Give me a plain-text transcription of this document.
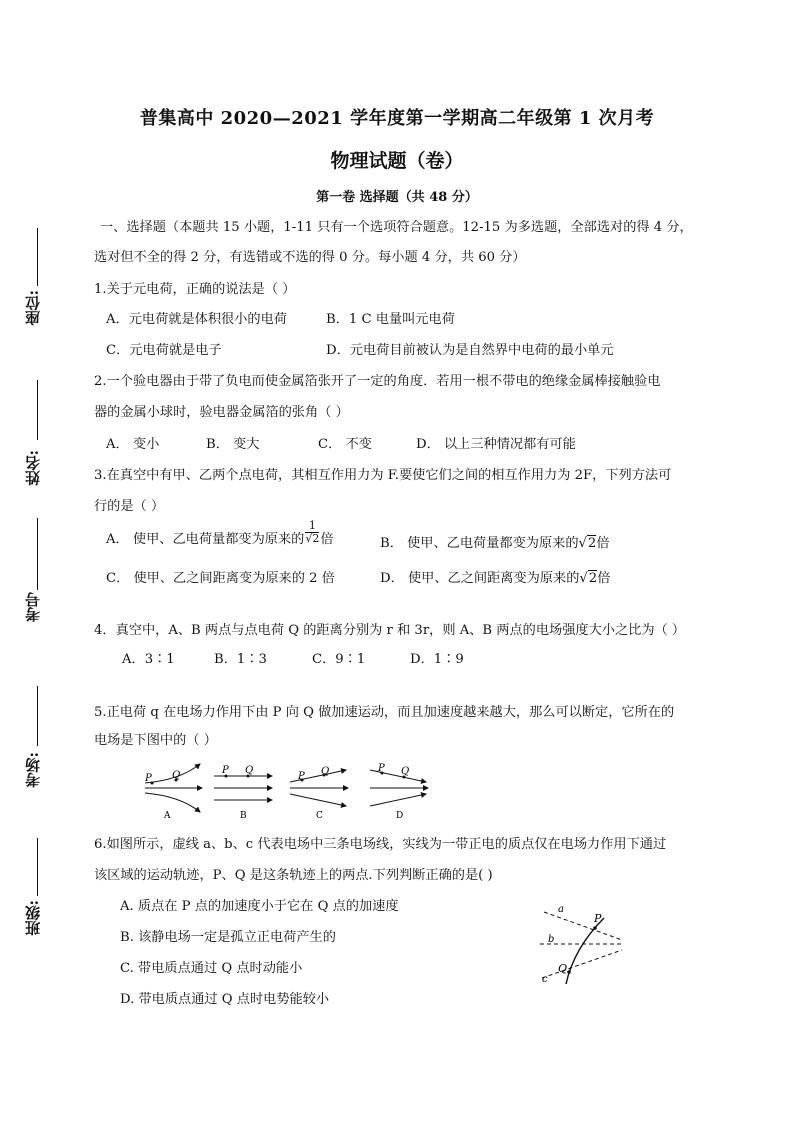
座位:
姓名:
考号
考场:
班级:
普集高中 2020—2021 学年度第一学期高二年级第 1 次月考
物理试题（卷）
第一卷 选择题（共 48 分）
一、选择题（本题共 15 小题，1-11 只有一个选项符合题意。12-15 为多选题，全部选对的得 4 分，
选对但不全的得 2 分，有选错或不选的得 0 分。每小题 4 分，共 60 分）
1.关于元电荷，正确的说法是（ ）
A．元电荷就是体积很小的电荷	B．1 C 电量叫元电荷
C．元电荷就是电子	D．元电荷目前被认为是自然界中电荷的最小单元
2.一个验电器由于带了负电而使金属箔张开了一定的角度．若用一根不带电的绝缘金属棒接触验电
器的金属小球时，验电器金属箔的张角（ ）
A． 变小	B． 变大	C． 不变	D． 以上三种情况都有可能
3.在真空中有甲、乙两个点电荷，其相互作用力为 F.要使它们之间的相互作用力为 2F，下列方法可
行的是（ ）
A． 使甲、乙电荷量都变为原来的 $\frac{1}{√2}$ 倍	B． 使甲、乙电荷量都变为原来的√2倍
C． 使甲、乙之间距离变为原来的 2 倍	D． 使甲、乙之间距离变为原来的√2倍
4．真空中，A、B 两点与点电荷 Q 的距离分别为 r 和 3r，则 A、B 两点的电场强度大小之比为（ ）
A．3∶1	B．1∶3	C．9∶1	D．1∶9
5.正电荷 q 在电场力作用下由 P 向 Q 做加速运动，而且加速度越来越大，那么可以断定，它所在的
电场是下图中的（ ）
P Q
A
P Q
B
P Q
C
P Q
D
6.如图所示，虚线 a、b、c 代表电场中三条电场线，实线为一带正电的质点仅在电场力作用下通过
该区域的运动轨迹，P、Q 是这条轨迹上的两点.下列判断正确的是( )
A. 质点在 P 点的加速度小于它在 Q 点的加速度
B. 该静电场一定是孤立正电荷产生的
C. 带电质点通过 Q 点时动能小
D. 带电质点通过 Q 点时电势能较小
a
b
c
P
Q
